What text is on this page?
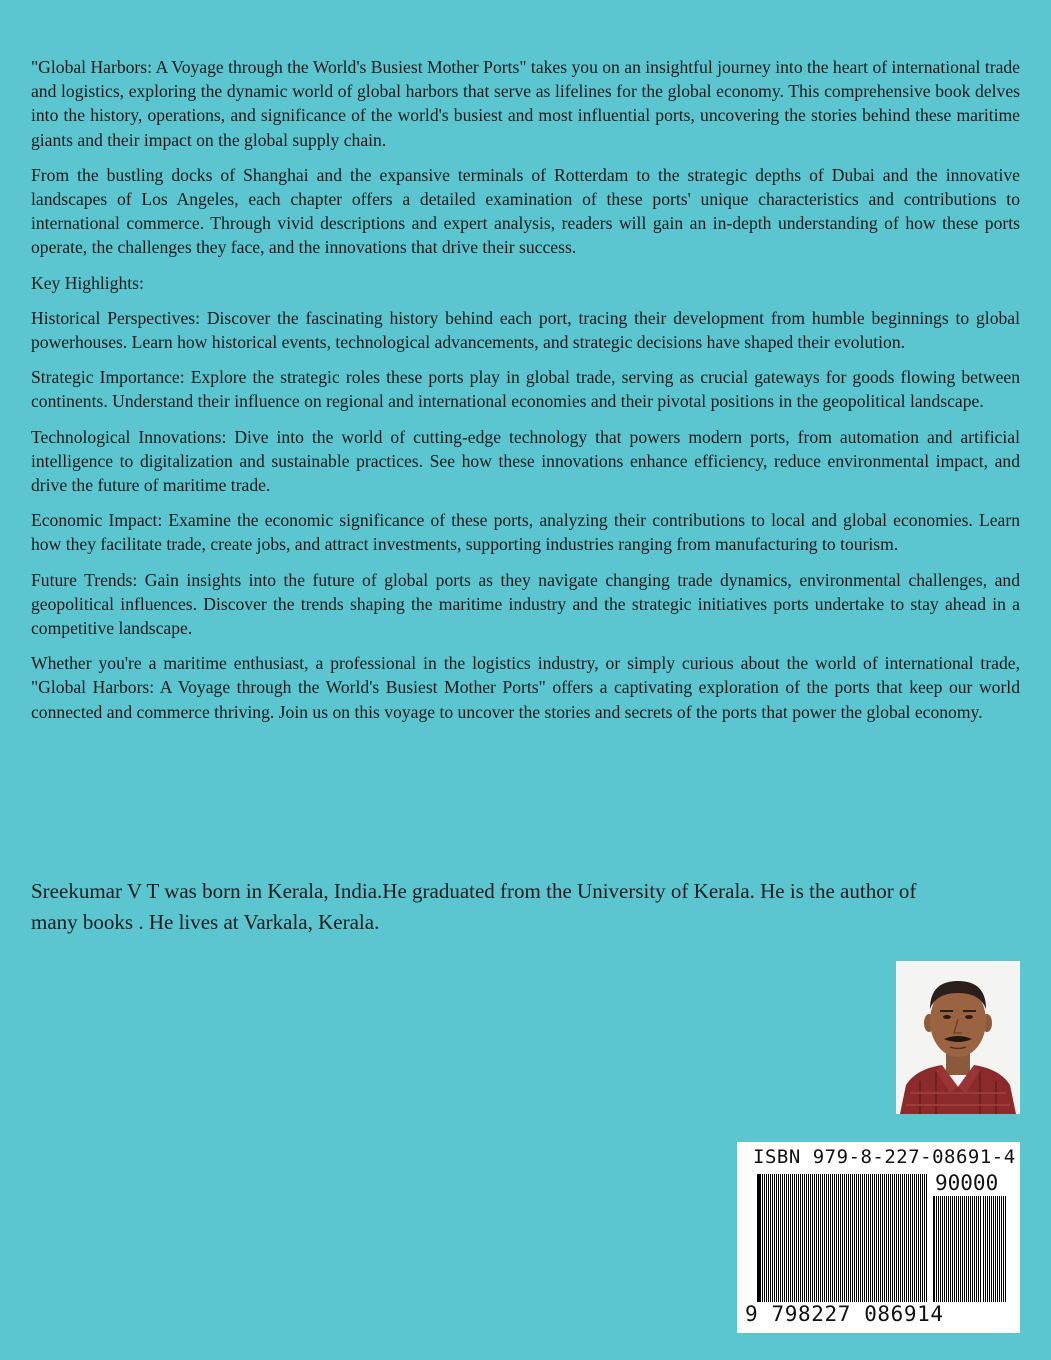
"Global Harbors: A Voyage through the World's Busiest Mother Ports" takes you on an insightful journey into the heart of international trade and logistics, exploring the dynamic world of global harbors that serve as lifelines for the global economy. This comprehensive book delves into the history, operations, and significance of the world's busiest and most influential ports, uncovering the stories behind these maritime giants and their impact on the global supply chain.

From the bustling docks of Shanghai and the expansive terminals of Rotterdam to the strategic depths of Dubai and the innovative landscapes of Los Angeles, each chapter offers a detailed examination of these ports' unique characteristics and contributions to international commerce. Through vivid descriptions and expert analysis, readers will gain an in-depth understanding of how these ports operate, the challenges they face, and the innovations that drive their success.

Key Highlights:

Historical Perspectives: Discover the fascinating history behind each port, tracing their development from humble beginnings to global powerhouses. Learn how historical events, technological advancements, and strategic decisions have shaped their evolution.

Strategic Importance: Explore the strategic roles these ports play in global trade, serving as crucial gateways for goods flowing between continents. Understand their influence on regional and international economies and their pivotal positions in the geopolitical landscape.

Technological Innovations: Dive into the world of cutting-edge technology that powers modern ports, from automation and artificial intelligence to digitalization and sustainable practices. See how these innovations enhance efficiency, reduce environmental impact, and drive the future of maritime trade.

Economic Impact: Examine the economic significance of these ports, analyzing their contributions to local and global economies. Learn how they facilitate trade, create jobs, and attract investments, supporting industries ranging from manufacturing to tourism.

Future Trends: Gain insights into the future of global ports as they navigate changing trade dynamics, environmental challenges, and geopolitical influences. Discover the trends shaping the maritime industry and the strategic initiatives ports undertake to stay ahead in a competitive landscape.

Whether you're a maritime enthusiast, a professional in the logistics industry, or simply curious about the world of international trade, "Global Harbors: A Voyage through the World's Busiest Mother Ports" offers a captivating exploration of the ports that keep our world connected and commerce thriving. Join us on this voyage to uncover the stories and secrets of the ports that power the global economy.

Sreekumar V T was born in Kerala, India.He graduated from the University of Kerala. He is the author of many books . He lives at Varkala, Kerala.
ISBN 979-8-227-08691-4
90000
9 798227 086914
